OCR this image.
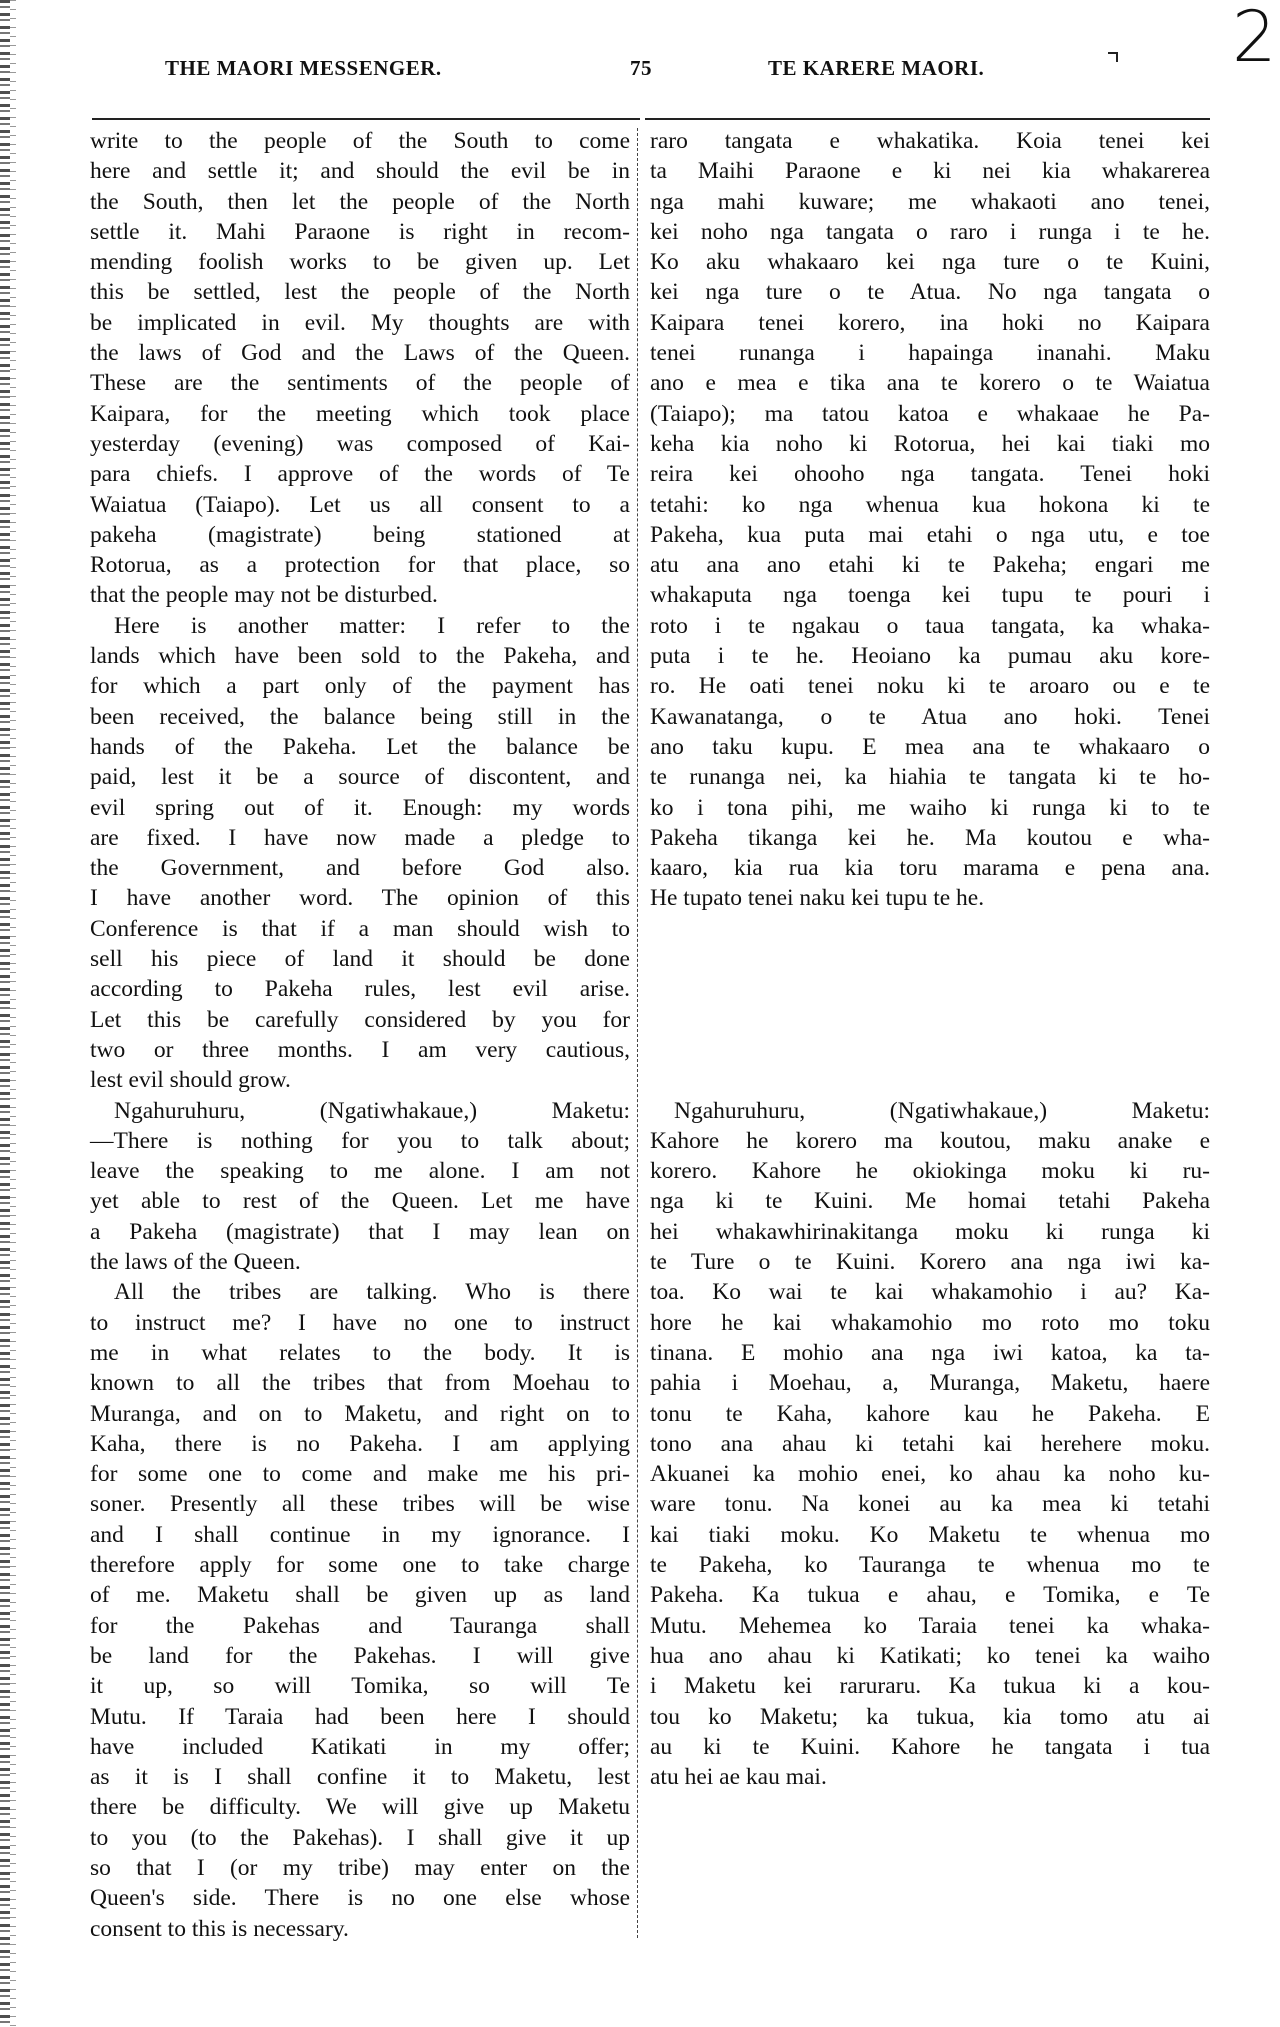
2
THE MAORI MESSENGER.	75	TE KARERE MAORI.
write to the people of the South to come
here and settle it; and should the evil be in
the South, then let the people of the North
settle it. Mahi Paraone is right in recom-
mending foolish works to be given up. Let
this be settled, lest the people of the North
be implicated in evil. My thoughts are with
the laws of God and the Laws of the Queen.
These are the sentiments of the people of
Kaipara, for the meeting which took place
yesterday (evening) was composed of Kai-
para chiefs. I approve of the words of Te
Waiatua (Taiapo). Let us all consent to a
pakeha (magistrate) being stationed at
Rotorua, as a protection for that place, so
that the people may not be disturbed.
Here is another matter: I refer to the
lands which have been sold to the Pakeha, and
for which a part only of the payment has
been received, the balance being still in the
hands of the Pakeha. Let the balance be
paid, lest it be a source of discontent, and
evil spring out of it. Enough: my words
are fixed. I have now made a pledge to
the Government, and before God also.
I have another word. The opinion of this
Conference is that if a man should wish to
sell his piece of land it should be done
according to Pakeha rules, lest evil arise.
Let this be carefully considered by you for
two or three months. I am very cautious,
lest evil should grow.
Ngahuruhuru, (Ngatiwhakaue,) Maketu:
—There is nothing for you to talk about;
leave the speaking to me alone. I am not
yet able to rest of the Queen. Let me have
a Pakeha (magistrate) that I may lean on
the laws of the Queen.
All the tribes are talking. Who is there
to instruct me? I have no one to instruct
me in what relates to the body. It is
known to all the tribes that from Moehau to
Muranga, and on to Maketu, and right on to
Kaha, there is no Pakeha. I am applying
for some one to come and make me his pri-
soner. Presently all these tribes will be wise
and I shall continue in my ignorance. I
therefore apply for some one to take charge
of me. Maketu shall be given up as land
for the Pakehas and Tauranga shall
be land for the Pakehas. I will give
it up, so will Tomika, so will Te
Mutu. If Taraia had been here I should
have included Katikati in my offer;
as it is I shall confine it to Maketu, lest
there be difficulty. We will give up Maketu
to you (to the Pakehas). I shall give it up
so that I (or my tribe) may enter on the
Queen's side. There is no one else whose
consent to this is necessary.
raro tangata e whakatika. Koia tenei kei
ta Maihi Paraone e ki nei kia whakarerea
nga mahi kuware; me whakaoti ano tenei,
kei noho nga tangata o raro i runga i te he.
Ko aku whakaaro kei nga ture o te Kuini,
kei nga ture o te Atua. No nga tangata o
Kaipara tenei korero, ina hoki no Kaipara
tenei runanga i hapainga inanahi. Maku
ano e mea e tika ana te korero o te Waiatua
(Taiapo); ma tatou katoa e whakaae he Pa-
keha kia noho ki Rotorua, hei kai tiaki mo
reira kei ohooho nga tangata. Tenei hoki
tetahi: ko nga whenua kua hokona ki te
Pakeha, kua puta mai etahi o nga utu, e toe
atu ana ano etahi ki te Pakeha; engari me
whakaputa nga toenga kei tupu te pouri i
roto i te ngakau o taua tangata, ka whaka-
puta i te he. Heoiano ka pumau aku kore-
ro. He oati tenei noku ki te aroaro ou e te
Kawanatanga, o te Atua ano hoki. Tenei
ano taku kupu. E mea ana te whakaaro o
te runanga nei, ka hiahia te tangata ki te ho-
ko i tona pihi, me waiho ki runga ki to te
Pakeha tikanga kei he. Ma koutou e wha-
kaaro, kia rua kia toru marama e pena ana.
He tupato tenei naku kei tupu te he.
Ngahuruhuru, (Ngatiwhakaue,) Maketu:
Kahore he korero ma koutou, maku anake e
korero. Kahore he okiokinga moku ki ru-
nga ki te Kuini. Me homai tetahi Pakeha
hei whakawhirinakitanga moku ki runga ki
te Ture o te Kuini. Korero ana nga iwi ka-
toa. Ko wai te kai whakamohio i au? Ka-
hore he kai whakamohio mo roto mo toku
tinana. E mohio ana nga iwi katoa, ka ta-
pahia i Moehau, a, Muranga, Maketu, haere
tonu te Kaha, kahore kau he Pakeha. E
tono ana ahau ki tetahi kai herehere moku.
Akuanei ka mohio enei, ko ahau ka noho ku-
ware tonu. Na konei au ka mea ki tetahi
kai tiaki moku. Ko Maketu te whenua mo
te Pakeha, ko Tauranga te whenua mo te
Pakeha. Ka tukua e ahau, e Tomika, e Te
Mutu. Mehemea ko Taraia tenei ka whaka-
hua ano ahau ki Katikati; ko tenei ka waiho
i Maketu kei raruraru. Ka tukua ki a kou-
tou ko Maketu; ka tukua, kia tomo atu ai
au ki te Kuini. Kahore he tangata i tua
atu hei ae kau mai.
